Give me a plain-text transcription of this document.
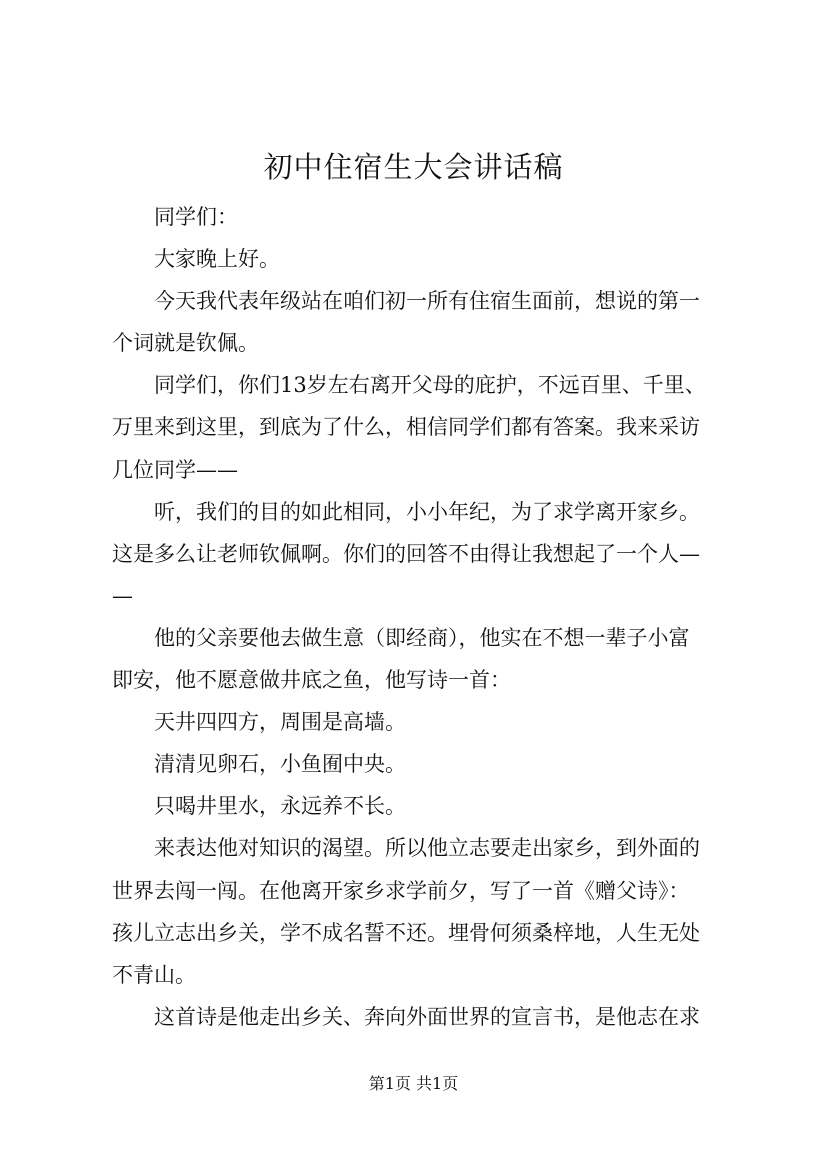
初中住宿生大会讲话稿
同学们：
大家晚上好。
今天我代表年级站在咱们初一所有住宿生面前，想说的第一
个词就是钦佩。
同学们，你们13岁左右离开父母的庇护，不远百里、千里、
万里来到这里，到底为了什么，相信同学们都有答案。我来采访
几位同学——
听，我们的目的如此相同，小小年纪，为了求学离开家乡。
这是多么让老师钦佩啊。你们的回答不由得让我想起了一个人—
—
他的父亲要他去做生意（即经商），他实在不想一辈子小富
即安，他不愿意做井底之鱼，他写诗一首：
天井四四方，周围是高墙。
清清见卵石，小鱼囿中央。
只喝井里水，永远养不长。
来表达他对知识的渴望。所以他立志要走出家乡，到外面的
世界去闯一闯。在他离开家乡求学前夕，写了一首《赠父诗》：
孩儿立志出乡关，学不成名誓不还。埋骨何须桑梓地，人生无处
不青山。
这首诗是他走出乡关、奔向外面世界的宣言书，是他志在求
第1页 共1页
